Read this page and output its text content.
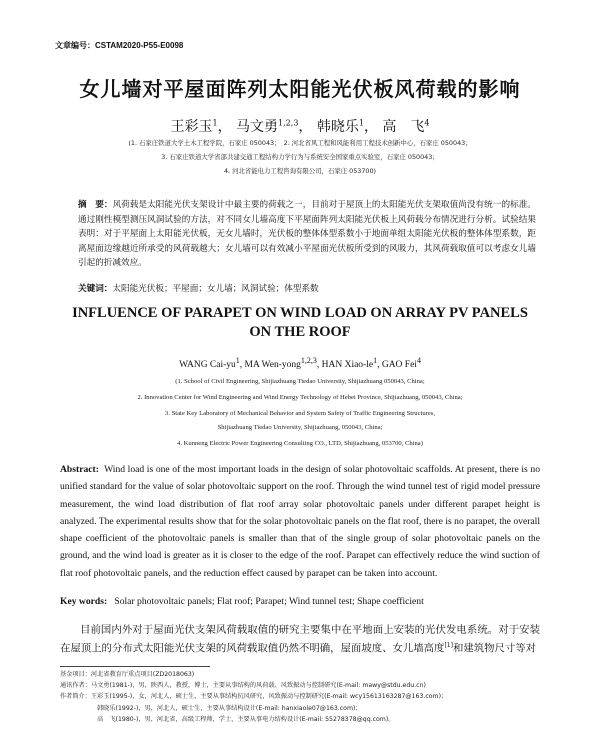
文章编号：CSTAM2020-P55-E0098
女儿墙对平屋面阵列太阳能光伏板风荷载的影响
王彩玉$^1$， 马文勇$^{1,2,3}$， 韩晓乐$^1$， 高　飞$^4$
(1. 石家庄铁道大学土木工程学院，石家庄 050043；　2. 河北省风工程和风能利用工程技术创新中心，石家庄 050043；
3. 石家庄铁道大学省部共建交通工程结构力学行为与系统安全国家重点实验室，石家庄 050043；
4. 河北省能电力工程咨询有限公司，石家庄 053700)
摘　要：风荷载是太阳能光伏支架设计中最主要的荷载之一，目前对于屋顶上的太阳能光伏支架取值尚没有统一的标准。通过刚性模型测压风洞试验的方法，对不同女儿墙高度下平屋面阵列太阳能光伏板上风荷载分布情况进行分析。试验结果表明：对于平屋面上太阳能光伏板，无女儿墙时，光伏板的整体体型系数小于地面单组太阳能光伏板的整体体型系数，距离屋面边缘越近所承受的风荷载越大；女儿墙可以有效减小平屋面光伏板所受到的风吸力，其风荷载取值可以考虑女儿墙引起的折减效应。
关键词：太阳能光伏板；平屋面；女儿墙；风洞试验；体型系数
INFLUENCE OF PARAPET ON WIND LOAD ON ARRAY PV PANELS ON THE ROOF
WANG Cai-$yu^1$, MA Wen-yong$^{1,2,3}$, HAN Xiao-$le^1$, GAO Fei$^4$
(1. School of Civil Engineering, Shijiazhuang Tiedao University, Shijiazhuang 050043, China;
2. Innovation Center for Wind Engineering and Wind Energy Technology of Hebei Province, Shijiazhuang, 050043, China;
3. State Key Laboratory of Mechanical Behavior and System Safety of Traffic Engineering Structures,
Shijiazhuang Tiedao University, Shijiazhuang, 050043, China;
4. Kunneng Electric Power Engineering Consulting CO., LTD, Shijiazhuang, 053700, China)
Abstract: Wind load is one of the most important loads in the design of solar photovoltaic scaffolds. At present, there is no unified standard for the value of solar photovoltaic support on the roof. Through the wind tunnel test of rigid model pressure measurement, the wind load distribution of flat roof array solar photovoltaic panels under different parapet height is analyzed. The experimental results show that for the solar photovoltaic panels on the flat roof, there is no parapet, the overall shape coefficient of the photovoltaic panels is smaller than that of the single group of solar photovoltaic panels on the ground, and the wind load is greater as it is closer to the edge of the roof. Parapet can effectively reduce the wind suction of flat roof photovoltaic panels, and the reduction effect caused by parapet can be taken into account.
Key words: Solar photovoltaic panels; Flat roof; Parapet; Wind tunnel test; Shape coefficient
目前国内外对于屋面光伏支架风荷载取值的研究主要集中在平地面上安装的光伏发电系统。对于安装在屋顶上的分布式太阳能光伏支架的风荷载取值仍然不明确，屋面坡度、女儿墙高度[1]和建筑物尺寸等对
基金项目：河北省教育厅重点项目(ZD2018063)
通讯作者：马文勇(1981-)，男，陕西人，教授，博士，主要从事结构的风荷载、风致振动与控制研究(E-mail: mawy@stdu.edu.cn)
作者简介：王彩玉(1995-)，女，河北人，硕士生，主要从事结构抗风研究，风致振动与控制研究(E-mail: wcy15613163287@163.com)；
韩晓乐(1992-)，男，河北人，硕士生，主要从事结构设计(E-mail: hanxiaole07@163.com)；
高　飞(1980-)，男，河北省，高级工程师，学士，主要从事电力结构设计(E-mail: 55278378@qq.com)。
